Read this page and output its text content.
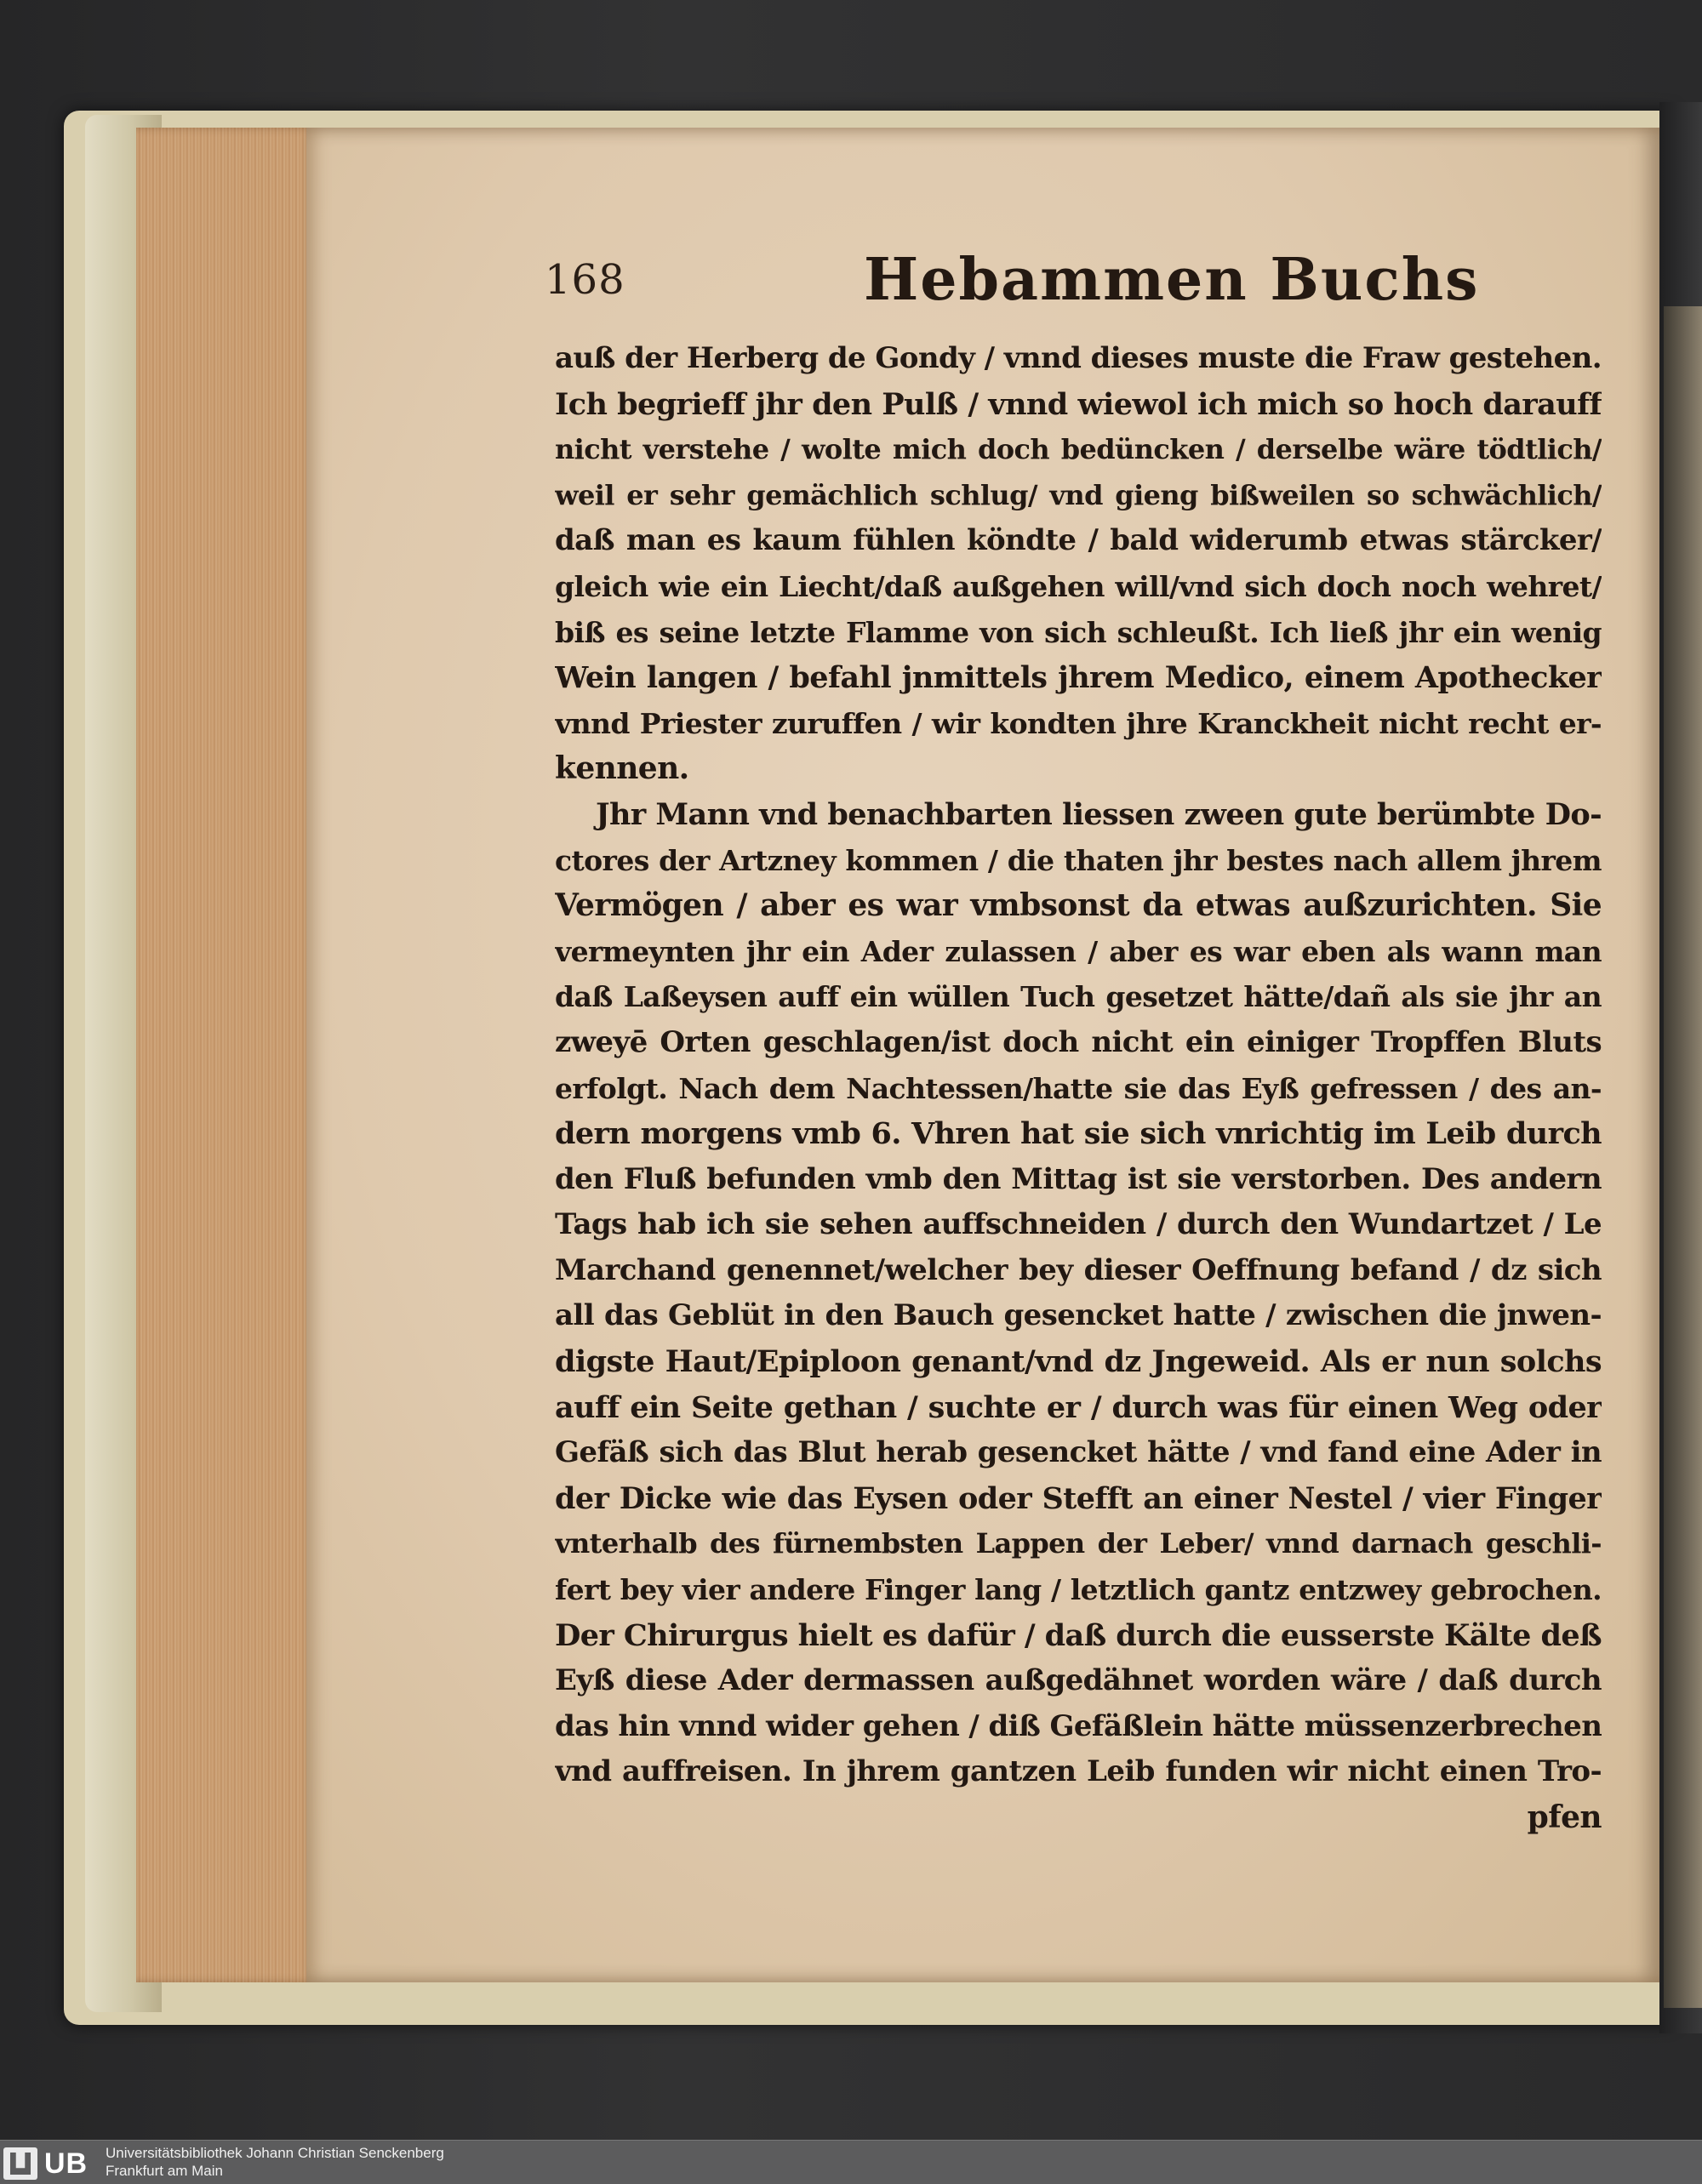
168	Hebammen Buchs
auß der Herberg de Gondy / vnnd dieses muste die Fraw gestehen.
Ich begrieff jhr den Pulß / vnnd wiewol ich mich so hoch darauff
nicht verstehe / wolte mich doch bedüncken / derselbe wäre tödtlich/
weil er sehr gemächlich schlug/ vnd gieng bißweilen so schwächlich/
daß man es kaum fühlen köndte / bald widerumb etwas stärcker/
gleich wie ein Liecht/daß außgehen will/vnd sich doch noch wehret/
biß es seine letzte Flamme von sich schleußt. Ich ließ jhr ein wenig
Wein langen / befahl jnmittels jhrem Medico, einem Apothecker
vnnd Priester zuruffen / wir kondten jhre Kranckheit nicht recht er-
kennen.
Jhr Mann vnd benachbarten liessen zween gute berümbte Do-
ctores der Artzney kommen / die thaten jhr bestes nach allem jhrem
Vermögen / aber es war vmbsonst da etwas außzurichten. Sie
vermeynten jhr ein Ader zulassen / aber es war eben als wann man
daß Laßeysen auff ein wüllen Tuch gesetzet hätte/dañ als sie jhr an
zweyē Orten geschlagen/ist doch nicht ein einiger Tropffen Bluts
erfolgt. Nach dem Nachtessen/hatte sie das Eyß gefressen / des an-
dern morgens vmb 6. Vhren hat sie sich vnrichtig im Leib durch
den Fluß befunden vmb den Mittag ist sie verstorben. Des andern
Tags hab ich sie sehen auffschneiden / durch den Wundartzet / Le
Marchand genennet/welcher bey dieser Oeffnung befand / dz sich
all das Geblüt in den Bauch gesencket hatte / zwischen die jnwen-
digste Haut/Epiploon genant/vnd dz Jngeweid. Als er nun solchs
auff ein Seite gethan / suchte er / durch was für einen Weg oder
Gefäß sich das Blut herab gesencket hätte / vnd fand eine Ader in
der Dicke wie das Eysen oder Stefft an einer Nestel / vier Finger
vnterhalb des fürnembsten Lappen der Leber/ vnnd darnach geschli-
fert bey vier andere Finger lang / letztlich gantz entzwey gebrochen.
Der Chirurgus hielt es dafür / daß durch die eusserste Kälte deß
Eyß diese Ader dermassen außgedähnet worden wäre / daß durch
das hin vnnd wider gehen / diß Gefäßlein hätte müssenzerbrechen
vnd auffreisen. In jhrem gantzen Leib funden wir nicht einen Tro-
pfen
UB Universitätsbibliothek Johann Christian Senckenberg
Frankfurt am Main
